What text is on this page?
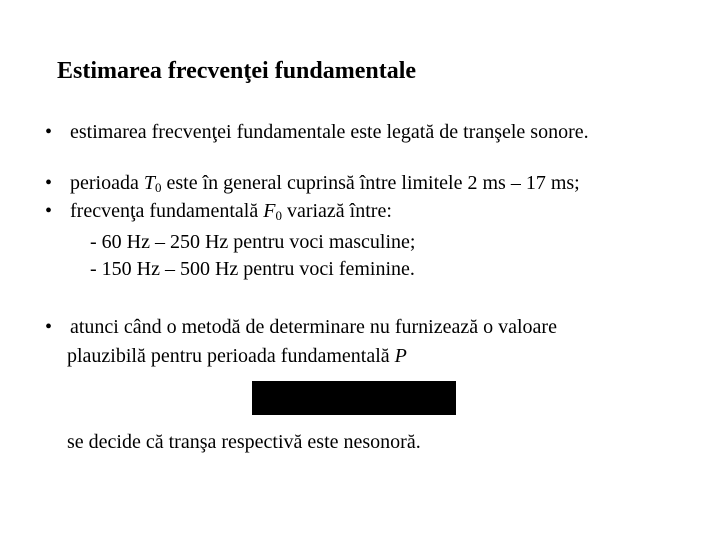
Estimarea frecvenţei fundamentale
• estimarea frecvenţei fundamentale este legată de tranşele sonore.
• perioada $T_0$ este în general cuprinsă între limitele 2 ms – 17 ms;
• frecvenţa fundamentală $F_0$ variază între:
- 60 Hz – 250 Hz pentru voci masculine;
- 150 Hz – 500 Hz pentru voci feminine.
• atunci când o metodă de determinare nu furnizează o valoare
plauzibilă pentru perioada fundamentală P
se decide că tranşa respectivă este nesonoră.
